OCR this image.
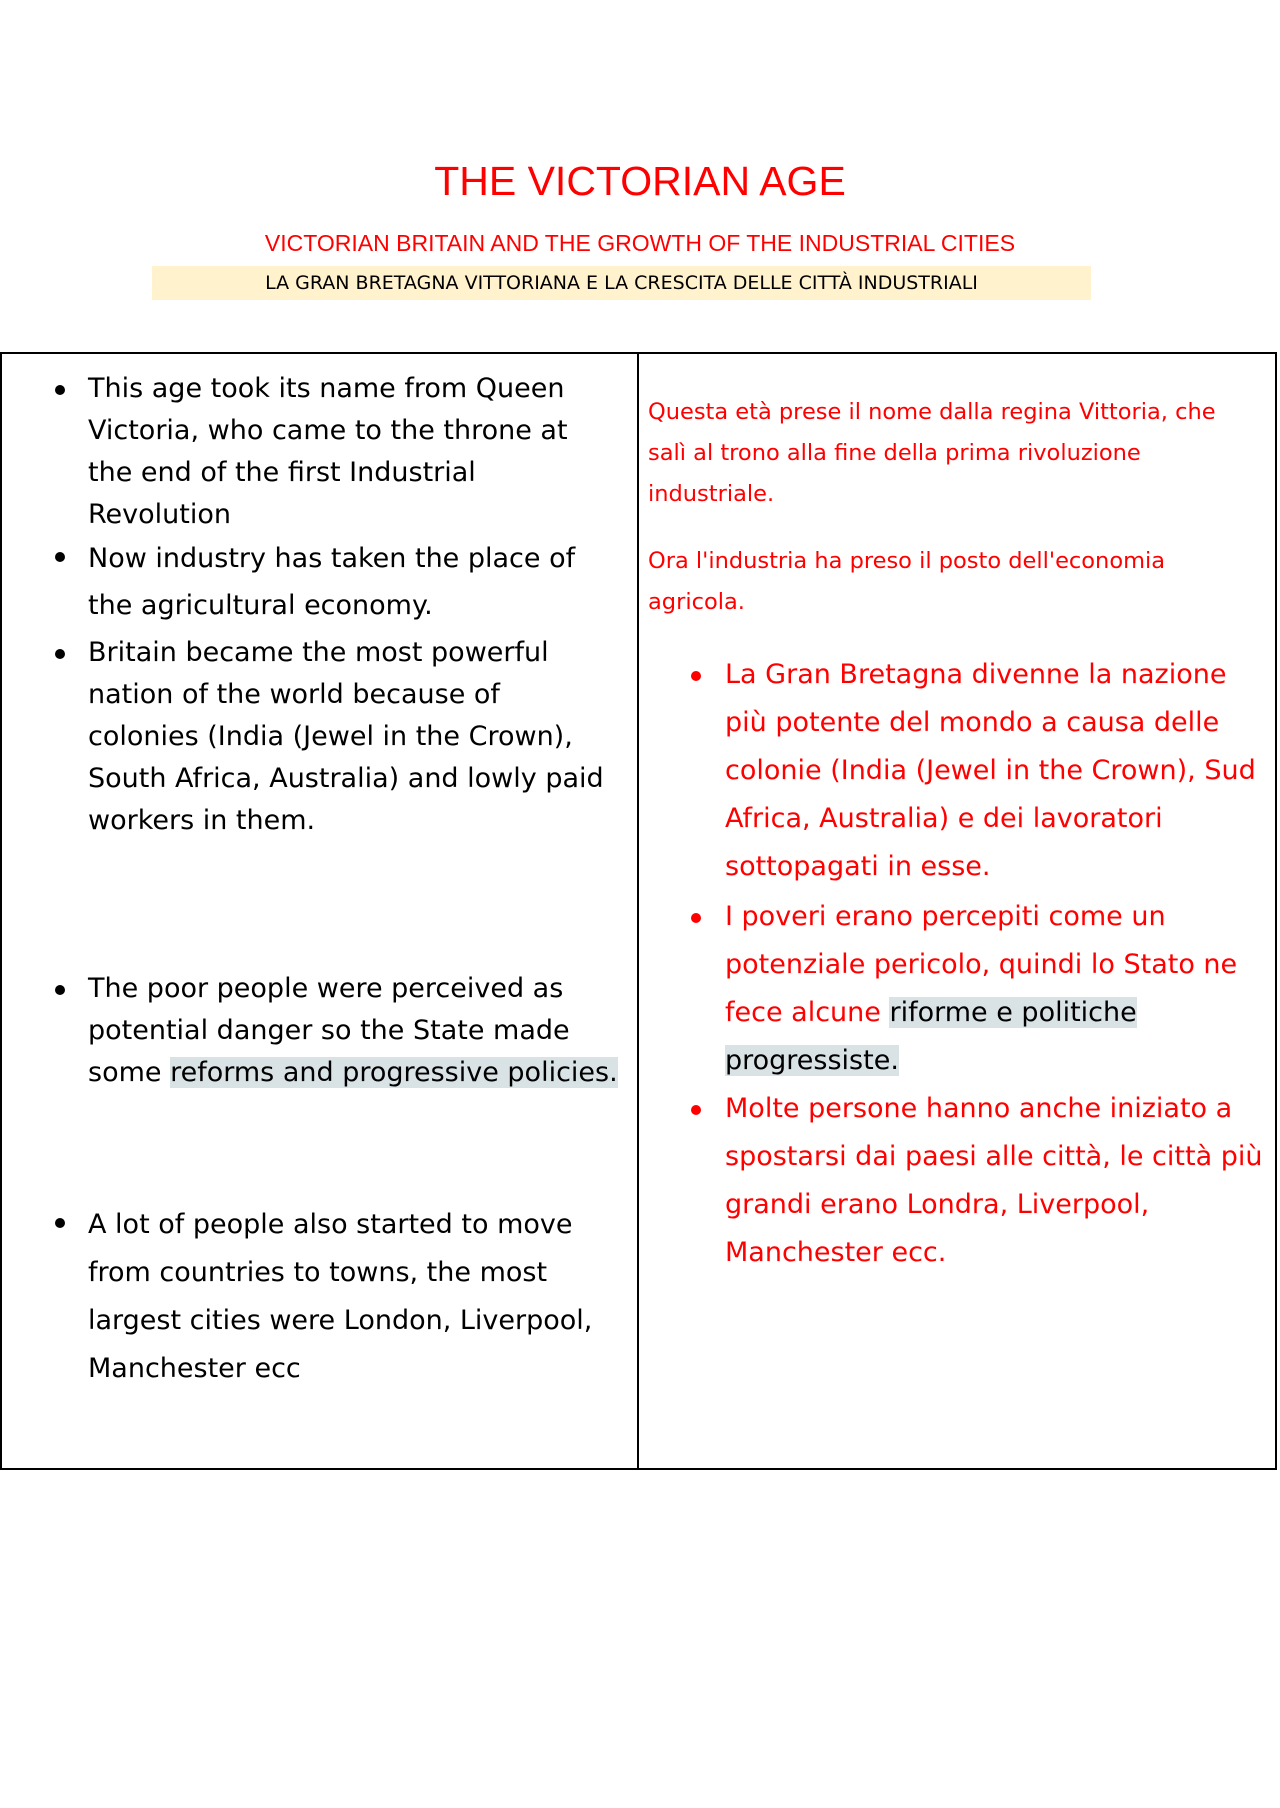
THE VICTORIAN AGE
VICTORIAN BRITAIN AND THE GROWTH OF THE INDUSTRIAL CITIES
LA GRAN BRETAGNA VITTORIANA E LA CRESCITA DELLE CITTÀ INDUSTRIALI
This age took its name from Queen Victoria, who came to the throne at the end of the first Industrial Revolution
Now industry has taken the place of the agricultural economy.
Britain became the most powerful nation of the world because of colonies (India (Jewel in the Crown), South Africa, Australia) and lowly paid workers in them.
The poor people were perceived as potential danger so the State made some reforms and progressive policies.
A lot of people also started to move from countries to towns, the most largest cities were London, Liverpool, Manchester ecc

Questa età prese il nome dalla regina Vittoria, che salì al trono alla fine della prima rivoluzione industriale.

Ora l'industria ha preso il posto dell'economia agricola.

La Gran Bretagna divenne la nazione più potente del mondo a causa delle colonie (India (Jewel in the Crown), Sud Africa, Australia) e dei lavoratori sottopagati in esse.
I poveri erano percepiti come un potenziale pericolo, quindi lo Stato ne fece alcune riforme e politiche progressiste.
Molte persone hanno anche iniziato a spostarsi dai paesi alle città, le città più grandi erano Londra, Liverpool, Manchester ecc.
